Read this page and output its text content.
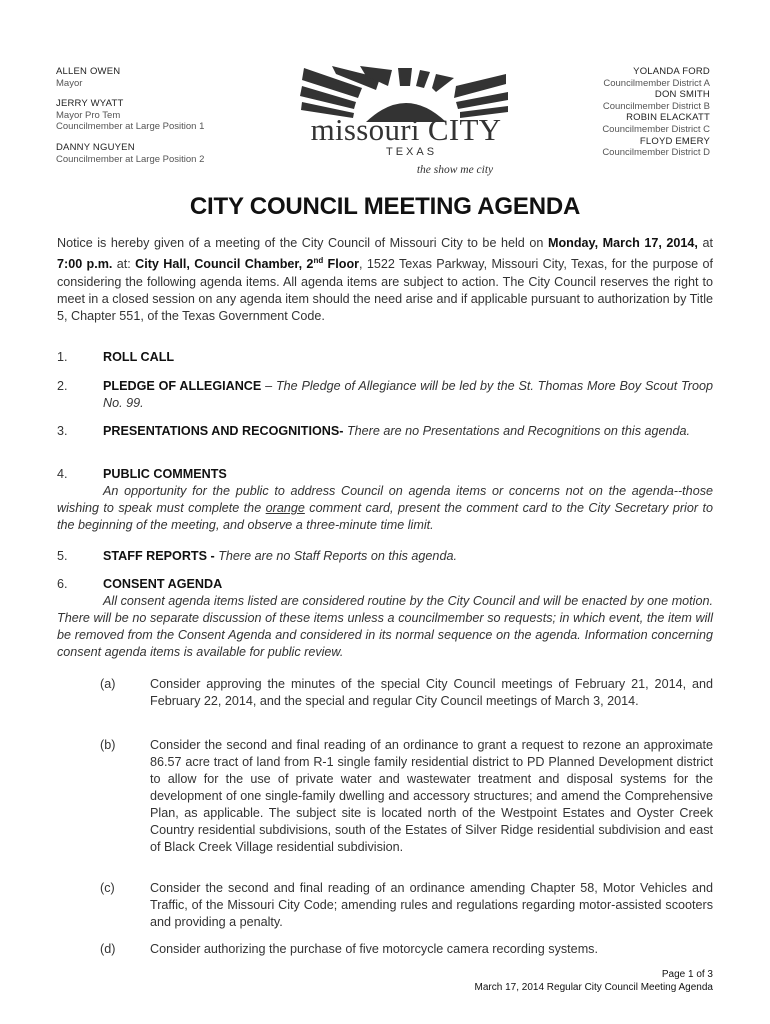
ALLEN OWEN
Mayor
JERRY WYATT
Mayor Pro Tem
Councilmember at Large Position 1
DANNY NGUYEN
Councilmember at Large Position 2
missouri CITY
TEXAS
the show me city
YOLANDA FORD
Councilmember District A
DON SMITH
Councilmember District B
ROBIN ELACKATT
Councilmember District C
FLOYD EMERY
Councilmember District D
CITY COUNCIL MEETING AGENDA
Notice is hereby given of a meeting of the City Council of Missouri City to be held on Monday, March 17, 2014, at 7:00 p.m. at: City Hall, Council Chamber, 2nd Floor, 1522 Texas Parkway, Missouri City, Texas, for the purpose of considering the following agenda items. All agenda items are subject to action. The City Council reserves the right to meet in a closed session on any agenda item should the need arise and if applicable pursuant to authorization by Title 5, Chapter 551, of the Texas Government Code.
1.	ROLL CALL
2.	PLEDGE OF ALLEGIANCE – The Pledge of Allegiance will be led by the St. Thomas More Boy Scout Troop No. 99.
3.	PRESENTATIONS AND RECOGNITIONS- There are no Presentations and Recognitions on this agenda.
4.	PUBLIC COMMENTS
An opportunity for the public to address Council on agenda items or concerns not on the agenda--those wishing to speak must complete the orange comment card, present the comment card to the City Secretary prior to the beginning of the meeting, and observe a three-minute time limit.
5.	STAFF REPORTS - There are no Staff Reports on this agenda.
6.	CONSENT AGENDA
All consent agenda items listed are considered routine by the City Council and will be enacted by one motion. There will be no separate discussion of these items unless a councilmember so requests; in which event, the item will be removed from the Consent Agenda and considered in its normal sequence on the agenda. Information concerning consent agenda items is available for public review.
(a)	Consider approving the minutes of the special City Council meetings of February 21, 2014, and February 22, 2014, and the special and regular City Council meetings of March 3, 2014.
(b)	Consider the second and final reading of an ordinance to grant a request to rezone an approximate 86.57 acre tract of land from R-1 single family residential district to PD Planned Development district to allow for the use of private water and wastewater treatment and disposal systems for the development of one single-family dwelling and accessory structures; and amend the Comprehensive Plan, as applicable. The subject site is located north of the Westpoint Estates and Oyster Creek Country residential subdivisions, south of the Estates of Silver Ridge residential subdivision and east of Black Creek Village residential subdivision.
(c)	Consider the second and final reading of an ordinance amending Chapter 58, Motor Vehicles and Traffic, of the Missouri City Code; amending rules and regulations regarding motor-assisted scooters and providing a penalty.
(d)	Consider authorizing the purchase of five motorcycle camera recording systems.
Page 1 of 3
March 17, 2014 Regular City Council Meeting Agenda
